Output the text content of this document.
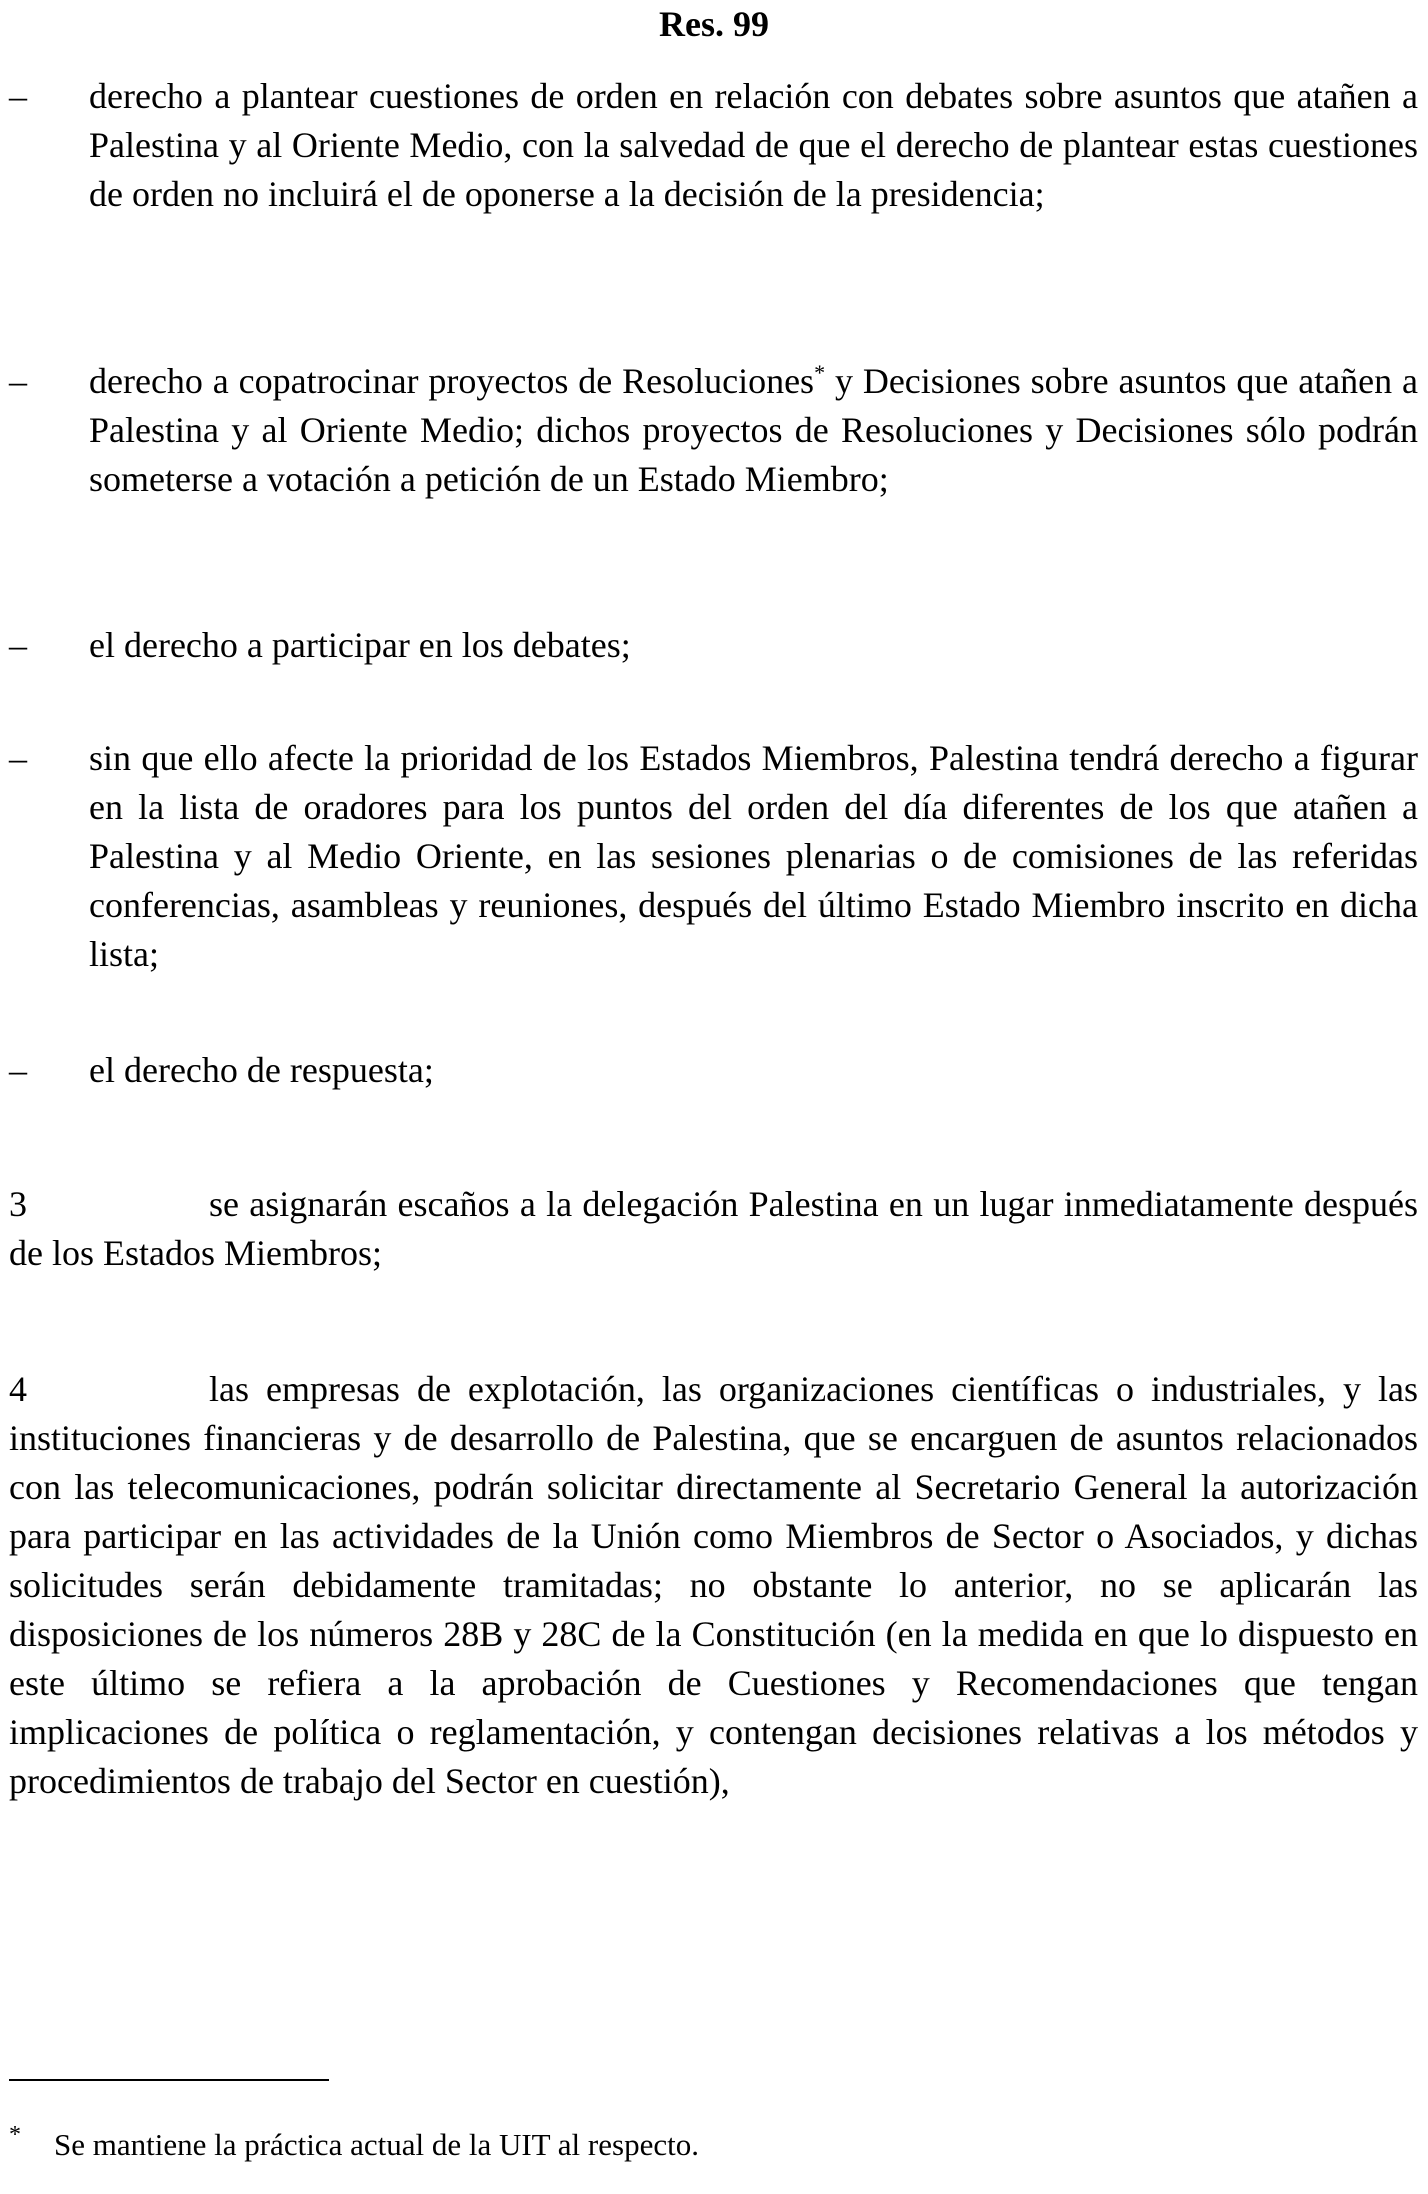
Res. 99
–	derecho a plantear cuestiones de orden en relación con debates sobre asuntos que atañen a Palestina y al Oriente Medio, con la salvedad de que el derecho de plantear estas cuestiones de orden no incluirá el de oponerse a la decisión de la presidencia;
–	derecho a copatrocinar proyectos de Resoluciones* y Decisiones sobre asuntos que atañen a Palestina y al Oriente Medio; dichos proyectos de Resoluciones y Decisiones sólo podrán someterse a votación a petición de un Estado Miembro;
–	el derecho a participar en los debates;
–	sin que ello afecte la prioridad de los Estados Miembros, Palestina tendrá derecho a figurar en la lista de oradores para los puntos del orden del día diferentes de los que atañen a Palestina y al Medio Oriente, en las sesiones plenarias o de comisiones de las referidas conferencias, asambleas y reuniones, después del último Estado Miembro inscrito en dicha lista;
–	el derecho de respuesta;
3	se asignarán escaños a la delegación Palestina en un lugar inmediatamente después de los Estados Miembros;
4	las empresas de explotación, las organizaciones científicas o industriales, y las instituciones financieras y de desarrollo de Palestina, que se encarguen de asuntos relacionados con las telecomunicaciones, podrán solicitar directamente al Secretario General la autorización para participar en las actividades de la Unión como Miembros de Sector o Asociados, y dichas solicitudes serán debidamente tramitadas; no obstante lo anterior, no se aplicarán las disposiciones de los números 28B y 28C de la Constitución (en la medida en que lo dispuesto en este último se refiera a la aprobación de Cuestiones y Recomendaciones que tengan implicaciones de política o reglamentación, y contengan decisiones relativas a los métodos y procedimientos de trabajo del Sector en cuestión),
* Se mantiene la práctica actual de la UIT al respecto.
